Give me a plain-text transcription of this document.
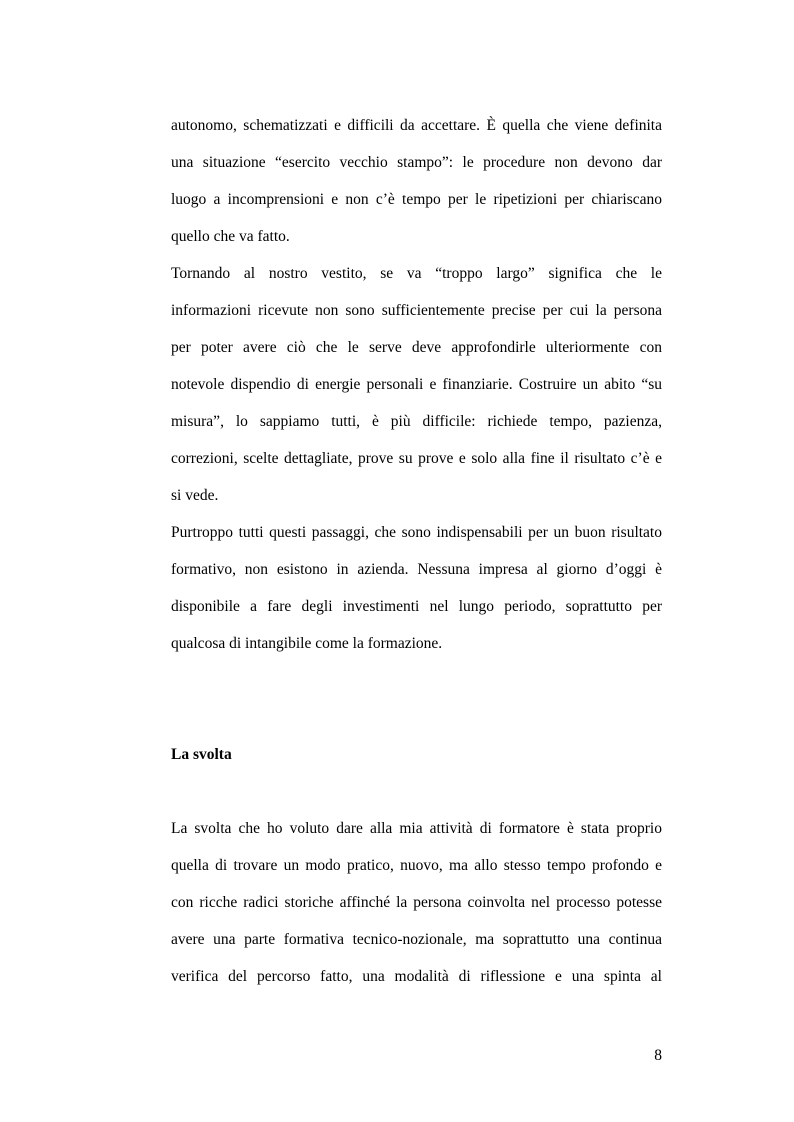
autonomo, schematizzati e difficili da accettare. È quella che viene definita
una situazione “esercito vecchio stampo”: le procedure non devono dar
luogo a incomprensioni e non c’è tempo per le ripetizioni per chiariscano
quello che va fatto.
Tornando al nostro vestito, se va “troppo largo” significa che le
informazioni ricevute non sono sufficientemente precise per cui la persona
per poter avere ciò che le serve deve approfondirle ulteriormente con
notevole dispendio di energie personali e finanziarie. Costruire un abito “su
misura”, lo sappiamo tutti, è più difficile: richiede tempo, pazienza,
correzioni, scelte dettagliate, prove su prove e solo alla fine il risultato c’è e
si vede.
Purtroppo tutti questi passaggi, che sono indispensabili per un buon risultato
formativo, non esistono in azienda. Nessuna impresa al giorno d’oggi è
disponibile a fare degli investimenti nel lungo periodo, soprattutto per
qualcosa di intangibile come la formazione.
La svolta
La svolta che ho voluto dare alla mia attività di formatore è stata proprio
quella di trovare un modo pratico, nuovo, ma allo stesso tempo profondo e
con ricche radici storiche affinché la persona coinvolta nel processo potesse
avere una parte formativa tecnico-nozionale, ma soprattutto una continua
verifica del percorso fatto, una modalità di riflessione e una spinta al
8
